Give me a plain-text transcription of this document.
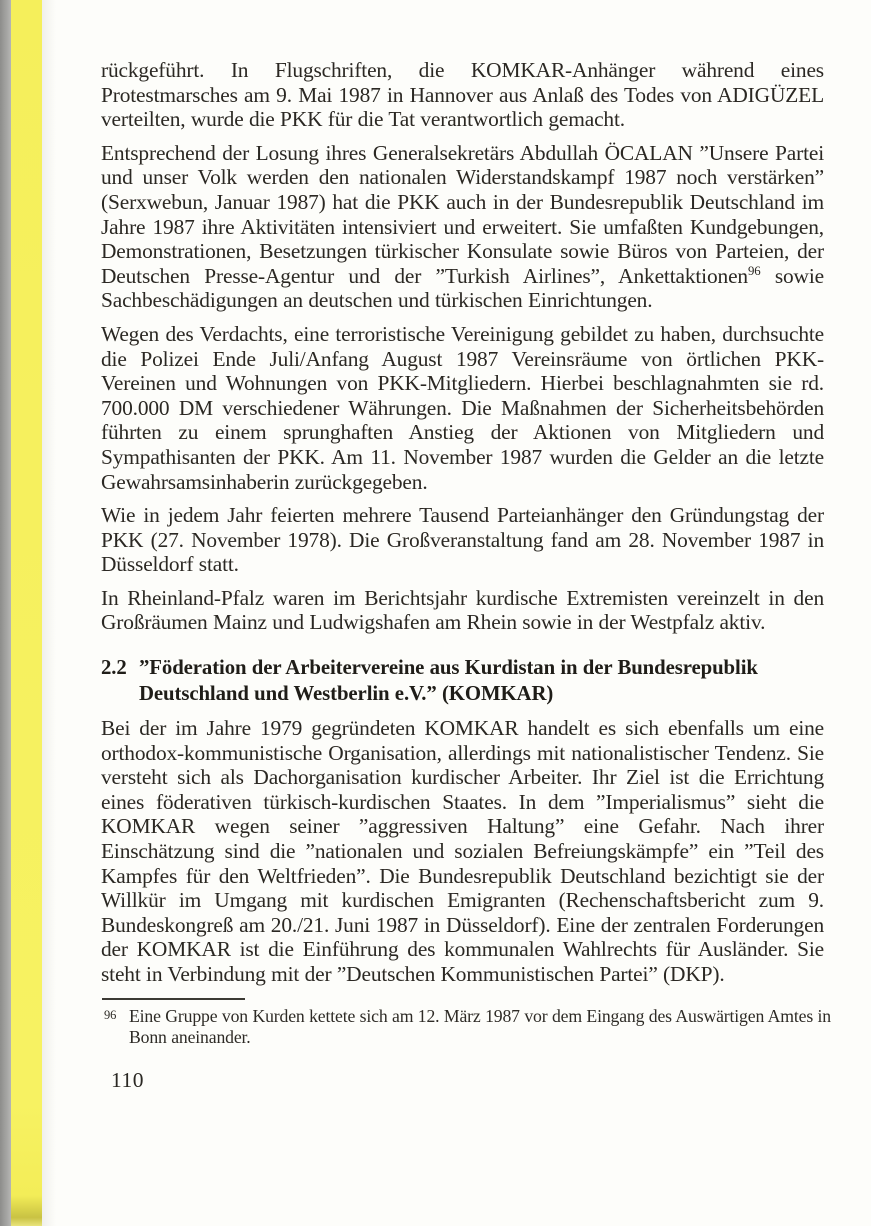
rückgeführt. In Flugschriften, die KOMKAR-Anhänger während eines Protestmarsches am 9. Mai 1987 in Hannover aus Anlaß des Todes von ADIGÜZEL verteilten, wurde die PKK für die Tat verantwortlich gemacht.

Entsprechend der Losung ihres Generalsekretärs Abdullah ÖCALAN ”Unsere Partei und unser Volk werden den nationalen Widerstandskampf 1987 noch verstärken” (Serxwebun, Januar 1987) hat die PKK auch in der Bundesrepublik Deutschland im Jahre 1987 ihre Aktivitäten intensiviert und erweitert. Sie umfaßten Kundgebungen, Demonstrationen, Besetzungen türkischer Konsulate sowie Büros von Parteien, der Deutschen Presse-Agentur und der ”Turkish Airlines”, Ankettaktionen$^{96}$ sowie Sachbeschädigungen an deutschen und türkischen Einrichtungen.

Wegen des Verdachts, eine terroristische Vereinigung gebildet zu haben, durchsuchte die Polizei Ende Juli/Anfang August 1987 Vereinsräume von örtlichen PKK-Vereinen und Wohnungen von PKK-Mitgliedern. Hierbei beschlagnahmten sie rd. 700.000 DM verschiedener Währungen. Die Maßnahmen der Sicherheitsbehörden führten zu einem sprunghaften Anstieg der Aktionen von Mitgliedern und Sympathisanten der PKK. Am 11. November 1987 wurden die Gelder an die letzte Gewahrsamsinhaberin zurückgegeben.

Wie in jedem Jahr feierten mehrere Tausend Parteianhänger den Gründungstag der PKK (27. November 1978). Die Großveranstaltung fand am 28. November 1987 in Düsseldorf statt.

In Rheinland-Pfalz waren im Berichtsjahr kurdische Extremisten vereinzelt in den Großräumen Mainz und Ludwigshafen am Rhein sowie in der Westpfalz aktiv.

2.2 ”Föderation der Arbeitervereine aus Kurdistan in der Bundesrepublik Deutschland und Westberlin e.V.” (KOMKAR)

Bei der im Jahre 1979 gegründeten KOMKAR handelt es sich ebenfalls um eine orthodox-kommunistische Organisation, allerdings mit nationalistischer Tendenz. Sie versteht sich als Dachorganisation kurdischer Arbeiter. Ihr Ziel ist die Errichtung eines föderativen türkisch-kurdischen Staates. In dem ”Imperialismus” sieht die KOMKAR wegen seiner ”aggressiven Haltung” eine Gefahr. Nach ihrer Einschätzung sind die ”nationalen und sozialen Befreiungskämpfe” ein ”Teil des Kampfes für den Weltfrieden”. Die Bundesrepublik Deutschland bezichtigt sie der Willkür im Umgang mit kurdischen Emigranten (Rechenschaftsbericht zum 9. Bundeskongreß am 20./21. Juni 1987 in Düsseldorf). Eine der zentralen Forderungen der KOMKAR ist die Einführung des kommunalen Wahlrechts für Ausländer. Sie steht in Verbindung mit der ”Deutschen Kommunistischen Partei” (DKP).

96 Eine Gruppe von Kurden kettete sich am 12. März 1987 vor dem Eingang des Auswärtigen Amtes in Bonn aneinander.
110
